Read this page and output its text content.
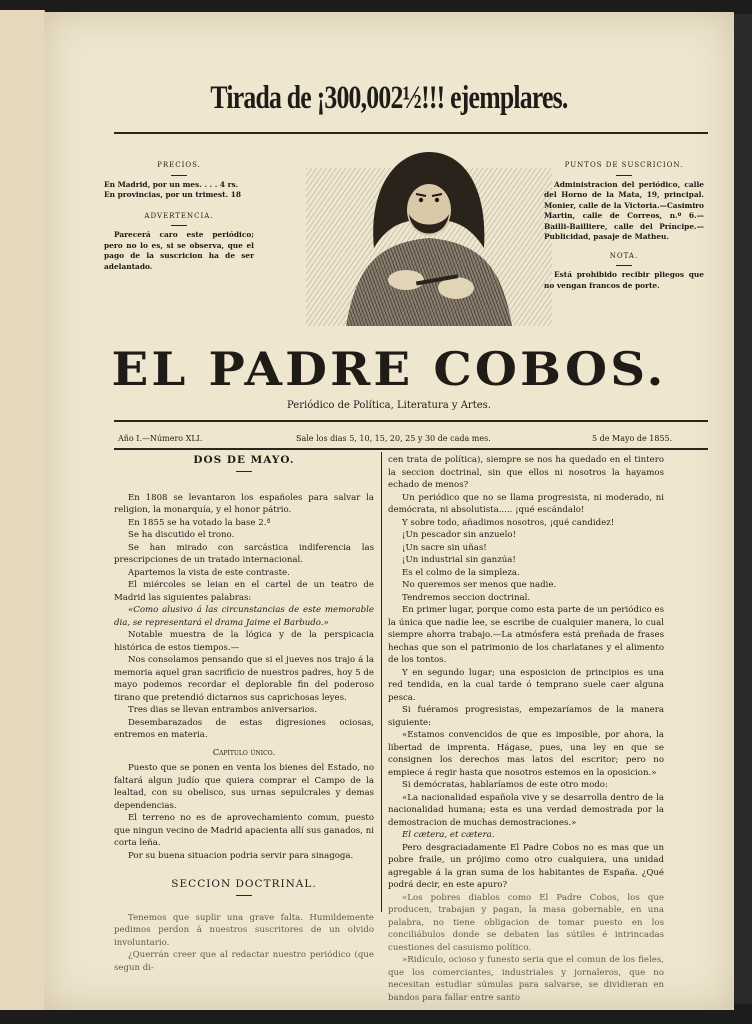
Tirada de ¡300,002½!!! ejemplares.
PRECIOS.
En Madrid, por un mes. . . . 4 rs.
En provincias, por un trimest. 18
ADVERTENCIA.
Parecerá caro este periódico; pero no lo es, si se observa, que el pago de la suscricion ha de ser adelantado.
PUNTOS DE SUSCRICION.
Administracion del periódico, calle del Horno de la Mata, 19, principal. Monier, calle de la Victoria.—Casimiro Martin, calle de Correos, n.º 6.—Bailli-Bailliere, calle del Príncipe.—Publicidad, pasaje de Matheu.
NOTA.
Está prohibido recibir pliegos que no vengan francos de porte.
EL PADRE COBOS.
Periódico de Política, Literatura y Artes.
Año I.—Número XLI.	Sale los dias 5, 10, 15, 20, 25 y 30 de cada mes.	5 de Mayo de 1855.
DOS DE MAYO.

En 1808 se levantaron los españoles para salvar la religion, la monarquía, y el honor pátrio.

En 1855 se ha votado la base 2.ª

Se ha discutido el trono.

Se han mirado con sarcástica indiferencia las prescripciones de un tratado internacional.

Apartemos la vista de este contraste.

El miércoles se leian en el cartel de un teatro de Madrid las siguientes palabras:

«Como alusivo á las circunstancias de este memorable dia, se representará el drama Jaime el Barbudo.»

Notable muestra de la lógica y de la perspicacia histórica de estos tiempos.—

Nos consolamos pensando que si el jueves nos trajo á la memoria aquel gran sacrificio de nuestros padres, hoy 5 de mayo podemos recordar el deplorable fin del poderoso tirano que pretendió dictarnos sus caprichosas leyes.

Tres dias se llevan entrambos aniversarios.

Desembarazados de estas digresiones ociosas, entremos en materia.

Capítulo único.

Puesto que se ponen en venta los bienes del Estado, no faltará algun judío que quiera comprar el Campo de la lealtad, con su obelisco, sus urnas sepulcrales y demas dependencias.

El terreno no es de aprovechamiento comun, puesto que ningun vecino de Madrid apacienta allí sus ganados, ni corta leña.

Por su buena situacion podria servir para sinagoga.

SECCION DOCTRINAL.

Tenemos que suplir una grave falta. Humildemente pedimos perdon á nuestros suscritores de un olvido involuntario.

¿Querrán creer que al redactar nuestro periódico (que segun di-

cen trata de política), siempre se nos ha quedado en el tintero la seccion doctrinal, sin que ellos ni nosotros la hayamos echado de menos?

Un periódico que no se llama progresista, ni moderado, ni demócrata, ni absolutista..... ¡qué escándalo!

Y sobre todo, añadimos nosotros, ¡qué candidez!

¡Un pescador sin anzuelo!

¡Un sacre sin uñas!

¡Un industrial sin ganzúa!

Es el colmo de la simpleza.

No queremos ser menos que nadie.

Tendremos seccion doctrinal.

En primer lugar, porque como esta parte de un periódico es la única que nadie lee, se escribe de cualquier manera, lo cual siempre ahorra trabajo.—La atmósfera está preñada de frases hechas que son el patrimonio de los charlatanes y el alimento de los tontos.

Y en segundo lugar; una esposicion de principios es una red tendida, en la cual tarde ó temprano suele caer alguna pesca.

Si fuéramos progresistas, empezaríamos de la manera siguiente:

«Estamos convencidos de que es imposible, por ahora, la libertad de imprenta. Hágase, pues, una ley en que se consignen los derechos mas latos del escritor; pero no empiece á regir hasta que nosotros estemos en la oposicion.»

Si demócratas, hablaríamos de este otro modo:

«La nacionalidad española vive y se desarrolla dentro de la nacionalidad humana; esta es una verdad demostrada por la demostracion de muchas demostraciones.»

El cætera, et cætera.

Pero desgraciadamente El Padre Cobos no es mas que un pobre fraile, un prójimo como otro cualquiera, una unidad agregable á la gran suma de los habitantes de España. ¿Qué podrá decir, en este apuro?

«Los pobres diablos como El Padre Cobos, los que producen, trabajan y pagan, la masa gobernable, en una palabra, no tiene obligacion de tomar puesto en los conciliábulos donde se debaten las sútiles é intrincadas cuestiones del casuismo político.

»Ridículo, ocioso y funesto seria que el comun de los fieles, que los comerciantes, industriales y jornaleros, que no necesitan estudiar súmulas para salvarse, se dividieran en bandos para fallar entre santo
